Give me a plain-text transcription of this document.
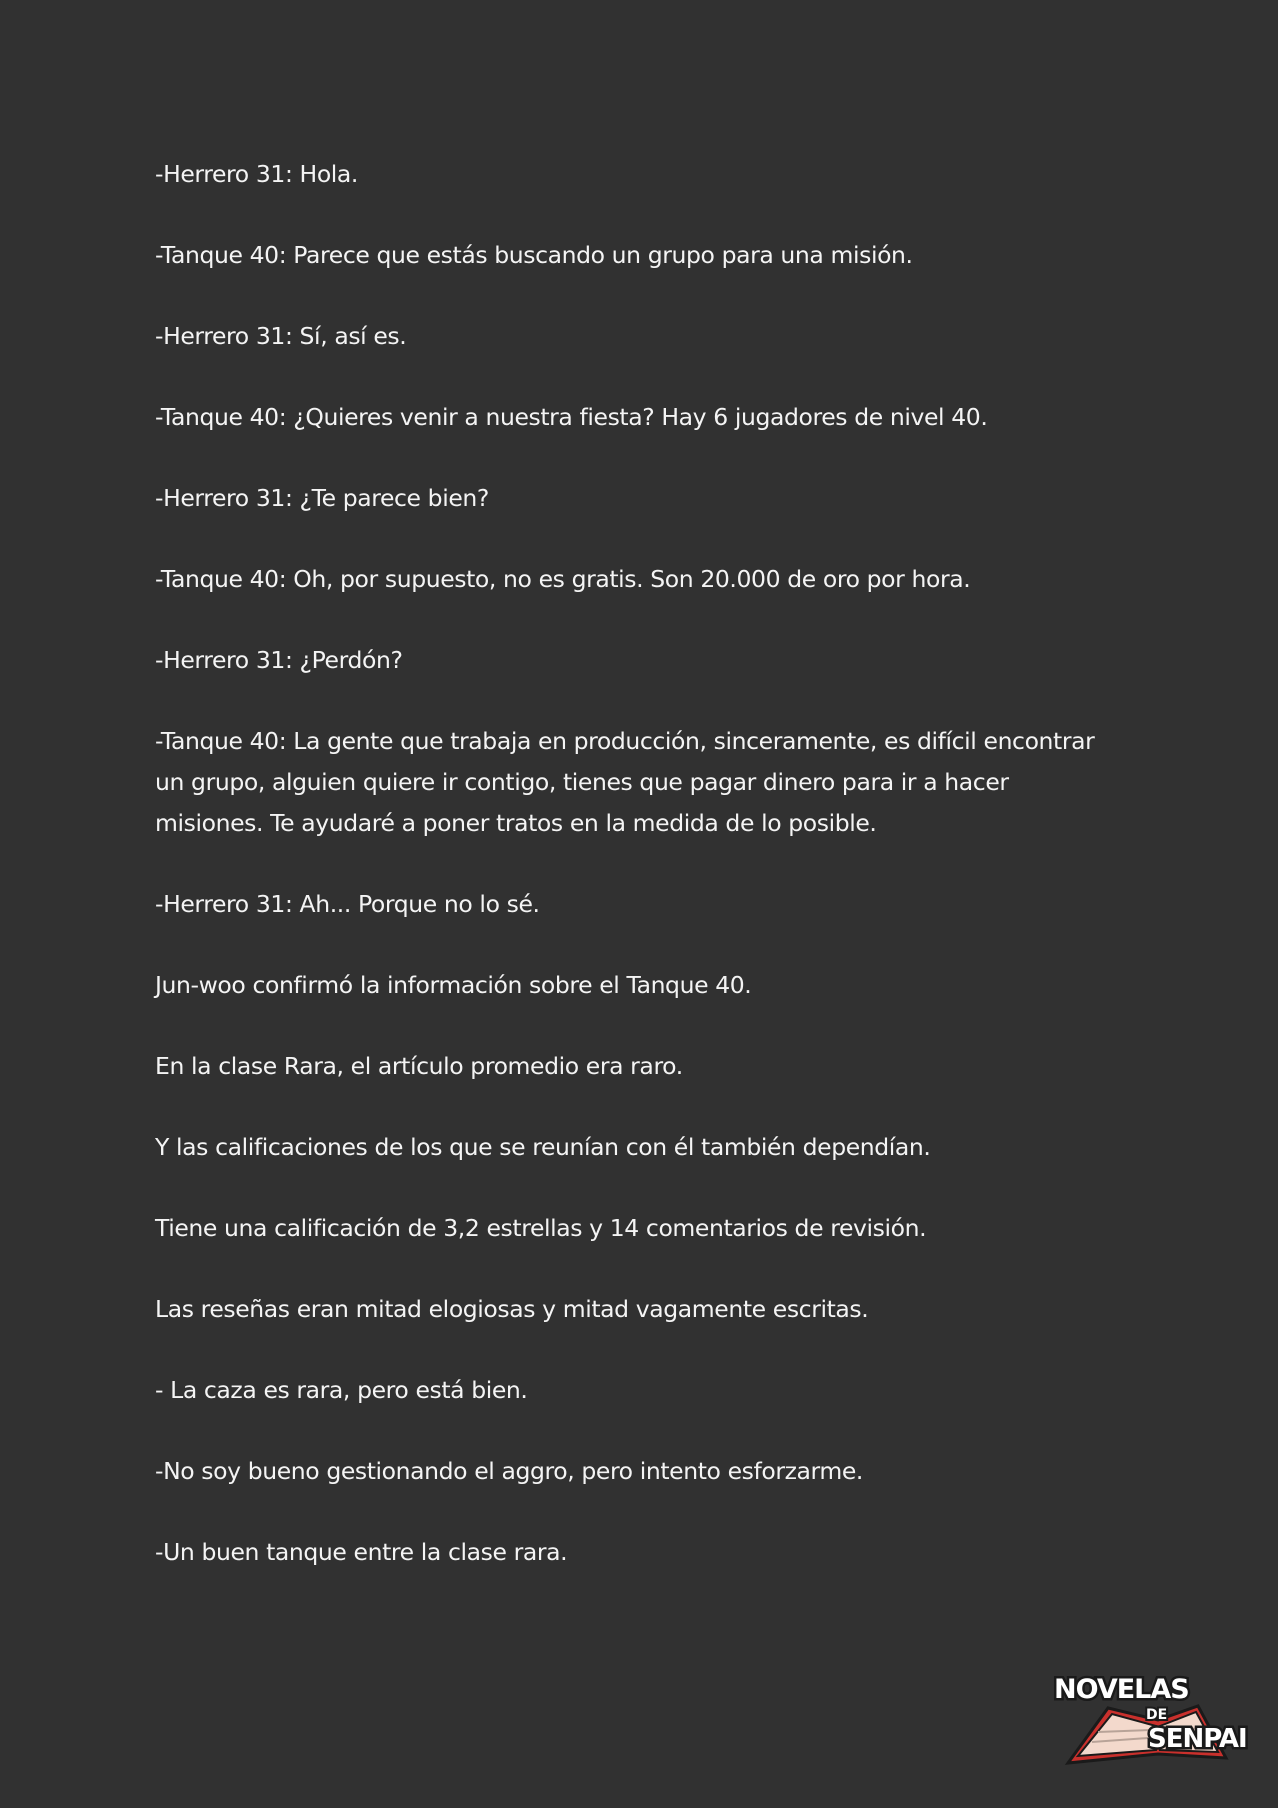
-Herrero 31: Hola.

-Tanque 40: Parece que estás buscando un grupo para una misión.

-Herrero 31: Sí, así es.

-Tanque 40: ¿Quieres venir a nuestra fiesta? Hay 6 jugadores de nivel 40.

-Herrero 31: ¿Te parece bien?

-Tanque 40: Oh, por supuesto, no es gratis. Son 20.000 de oro por hora.

-Herrero 31: ¿Perdón?

-Tanque 40: La gente que trabaja en producción, sinceramente, es difícil encontrar un grupo, alguien quiere ir contigo, tienes que pagar dinero para ir a hacer misiones. Te ayudaré a poner tratos en la medida de lo posible.

-Herrero 31: Ah... Porque no lo sé.

Jun-woo confirmó la información sobre el Tanque 40.

En la clase Rara, el artículo promedio era raro.

Y las calificaciones de los que se reunían con él también dependían.

Tiene una calificación de 3,2 estrellas y 14 comentarios de revisión.

Las reseñas eran mitad elogiosas y mitad vagamente escritas.

- La caza es rara, pero está bien.

-No soy bueno gestionando el aggro, pero intento esforzarme.

-Un buen tanque entre la clase rara.

NOVELAS
DE
SENPAI
